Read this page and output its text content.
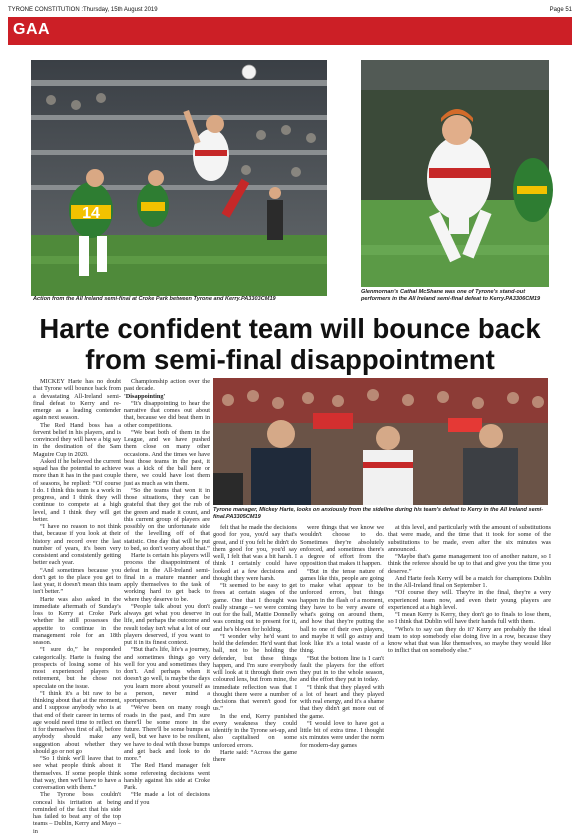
TYRONE CONSTITUTION :Thursday, 15th August 2019	Page 51
GAA
14
Action from the All Ireland semi-final at Croke Park between Tyrone and Kerry.PA3303CM19
Glenmornan's Cathal McShane was one of Tyrone's stand-out performers in the All Ireland semi-final defeat to Kerry.PA3306CM19
Harte confident team will bounce back from semi-final disappointment
Tyrone manager, Mickey Harte, looks on anxiously from the sideline during his team's defeat to Kerry in the All Ireland semi-final.PA3305CM19

MICKEY Harte has no doubt that Tyrone will bounce back from a devastating All-Ireland semi-final defeat to Kerry and re-emerge as a leading contender again next season.

The Red Hand boss has a fervent belief in his players, and is convinced they will have a big say in the destination of the Sam Maguire Cup in 2020.

Asked if he believed the current squad has the potential to achieve more than it has in the past couple of seasons, he replied: “Of course I do. I think this team is a work in progress, and I think they will continue to compete at a high level, and I think they will get better.

“I have no reason to not think that, because if you look at their history and record over the last number of years, it's been very consistent and consistently getting better each year.

“And sometimes because you don't get to the place you get to last year, it doesn't mean this team isn't better.”

Harte was also asked in the immediate aftermath of Sunday's loss to Kerry at Croke Park whether he still possesses the appetite to continue in the management role for an 18th season.

“I sure do,” he responded categorically. Harte is fusing the prospects of losing some of his most experienced players to retirement, but he chose not speculate on the issue.

“I think it's a bit raw to be thinking about that at the moment, and I suppose anybody who is at that end of their career in terms of age would need time to reflect on it for themselves first of all, before anybody should make any suggestion about whether they should go or not go

“So I think we'll leave that to see what people think about it themselves. If some people think that way, then we'll have to have a conversation with them.”

The Tyrone boss couldn't conceal his irritation at being reminded of the fact that his side has failed to beat any of the top teams – Dublin, Kerry and Mayo – in

Championship action over the past decade.

'Disappointing'

“It's disappointing to hear the narrative that comes out about that, because we did beat them in other competitions.

“We beat both of them in the League, and we have pushed them close on many other occasions. And the times we have beat those teams in the past, it was a kick of the ball here or there, we could have lost them just as much as win them.

“So the teams that won it in those situations, they can be grateful that they got the rub of the green and made it count, and this current group of players are possibly on the unfortunate side of the levelling off of that statistic. One day that will be put to bed, so don't worry about that.”

Harte is certain his players will process the disappointment of defeat in the All-Ireland semi-final in a mature manner and apply themselves to the task of working hard to get back to where they deserve to be.

“People talk about you don't always get what you deserve in life, and perhaps the outcome and result today isn't what a lot of our players deserved, if you want to put it in its finest context.

“But that's life, life's a journey, and sometimes things go very well for you and sometimes they don't. And perhaps when it doesn't go well, is maybe the days you learn more about yourself as a person, never mind a sportsperson.

“We've been on many rough roads in the past, and I'm sure there'll be some more in the future. There'll be some bumps as well, but we have to be resilient, we have to deal with those bumps and get back and look to do more.”

The Red Hand manager felt some refereeing decisions went harshly against his side at Croke Park.

“He made a lot of decisions and if you

felt that he made the decisions good for you, you'd say that's great, and if you felt he didn't do them good for you, you'd say well, I felt that was a bit harsh. I think I certainly could have looked at a few decisions and thought they were harsh.

“It seemed to be easy to get frees at certain stages of the game. One that I thought was really strange – we were coming out for the ball, Mattie Donnelly was coming out to present for it, and he's blown for holding.

“I wonder why he'd want to hold the defender. He'd want that ball, not to be holding the defender, but these things happen, and I'm sure everybody will look at it through their own coloured lens, but from mine, the immediate reflection was that I thought there were a number of decisions that weren't good for us.”

In the end, Kerry punished every weakness they could identify in the Tyrone set-up, and also capitalised on some unforced errors.

Harte said: “Across the game there

were things that we know we wouldn't choose to do. Sometimes they're absolutely enforced, and sometimes there's a degree of effort from the opposition that makes it happen.

“But in the tense nature of games like this, people are going to make what appear to be unforced errors, but things happen in the flash of a moment, they have to be very aware of what's going on around them, and how that they're putting the ball to one of their own players, and maybe it will go astray and look like it's a total waste of a thing.

“But the bottom line is I can't fault the players for the effort they put in to the whole season, and the effort they put in today.

“I think that they played with a lot of heart and they played with real energy, and it's a shame that they didn't get more out of the game.

“I would love to have got a little bit of extra time. I thought six minutes were under the norm for modern-day games

at this level, and particularly with the amount of substitutions that were made, and the time that it took for some of the substitutions to be made, even after the six minutes was announced.

“Maybe that's game management too of another nature, so I think the referee should be up to that and give you the time you deserve.”

And Harte feels Kerry will be a match for champions Dublin in the All-Ireland final on September 1.

“Of course they will. They're in the final, they're a very experienced team now, and even their young players are experienced at a high level.

“I mean Kerry is Kerry, they don't go to finals to lose them, so I think that Dublin will have their hands full with them.

“Who's to say can they do it? Kerry are probably the ideal team to stop somebody else doing five in a row, because they know what that was like themselves, so maybe they would like to inflict that on somebody else.”
